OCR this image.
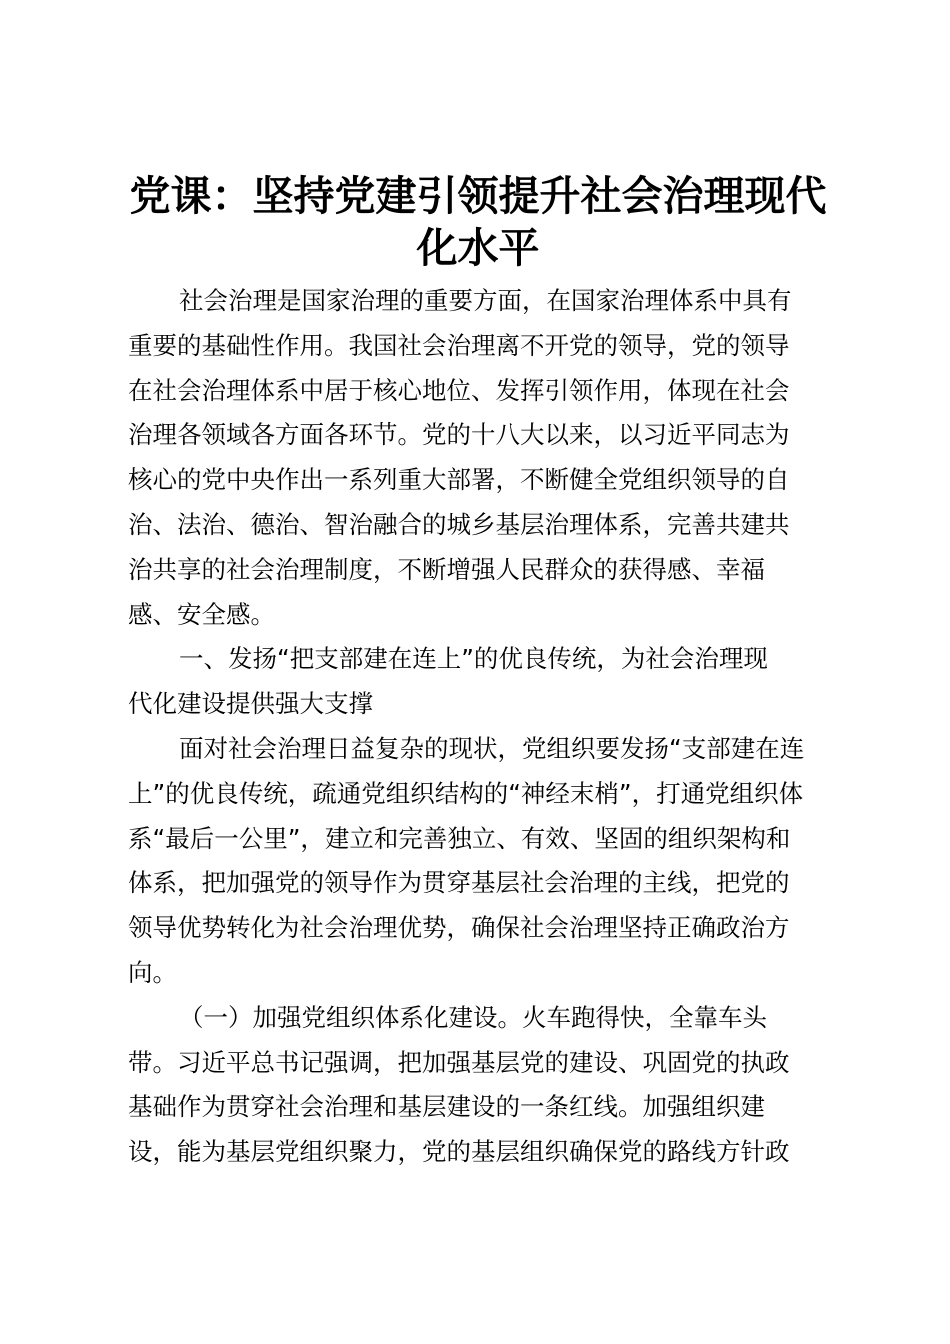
党课：坚持党建引领提升社会治理现代
化水平
社会治理是国家治理的重要方面，在国家治理体系中具有
重要的基础性作用。我国社会治理离不开党的领导，党的领导
在社会治理体系中居于核心地位、发挥引领作用，体现在社会
治理各领域各方面各环节。党的十八大以来，以习近平同志为
核心的党中央作出一系列重大部署，不断健全党组织领导的自
治、法治、德治、智治融合的城乡基层治理体系，完善共建共
治共享的社会治理制度，不断增强人民群众的获得感、幸福
感、安全感。
一、发扬“把支部建在连上”的优良传统，为社会治理现
代化建设提供强大支撑
面对社会治理日益复杂的现状，党组织要发扬“支部建在连
上”的优良传统，疏通党组织结构的“神经末梢”，打通党组织体
系“最后一公里”，建立和完善独立、有效、坚固的组织架构和
体系，把加强党的领导作为贯穿基层社会治理的主线，把党的
领导优势转化为社会治理优势，确保社会治理坚持正确政治方
向。
（一）加强党组织体系化建设。火车跑得快，全靠车头
带。习近平总书记强调，把加强基层党的建设、巩固党的执政
基础作为贯穿社会治理和基层建设的一条红线。加强组织建
设，能为基层党组织聚力，党的基层组织确保党的路线方针政
